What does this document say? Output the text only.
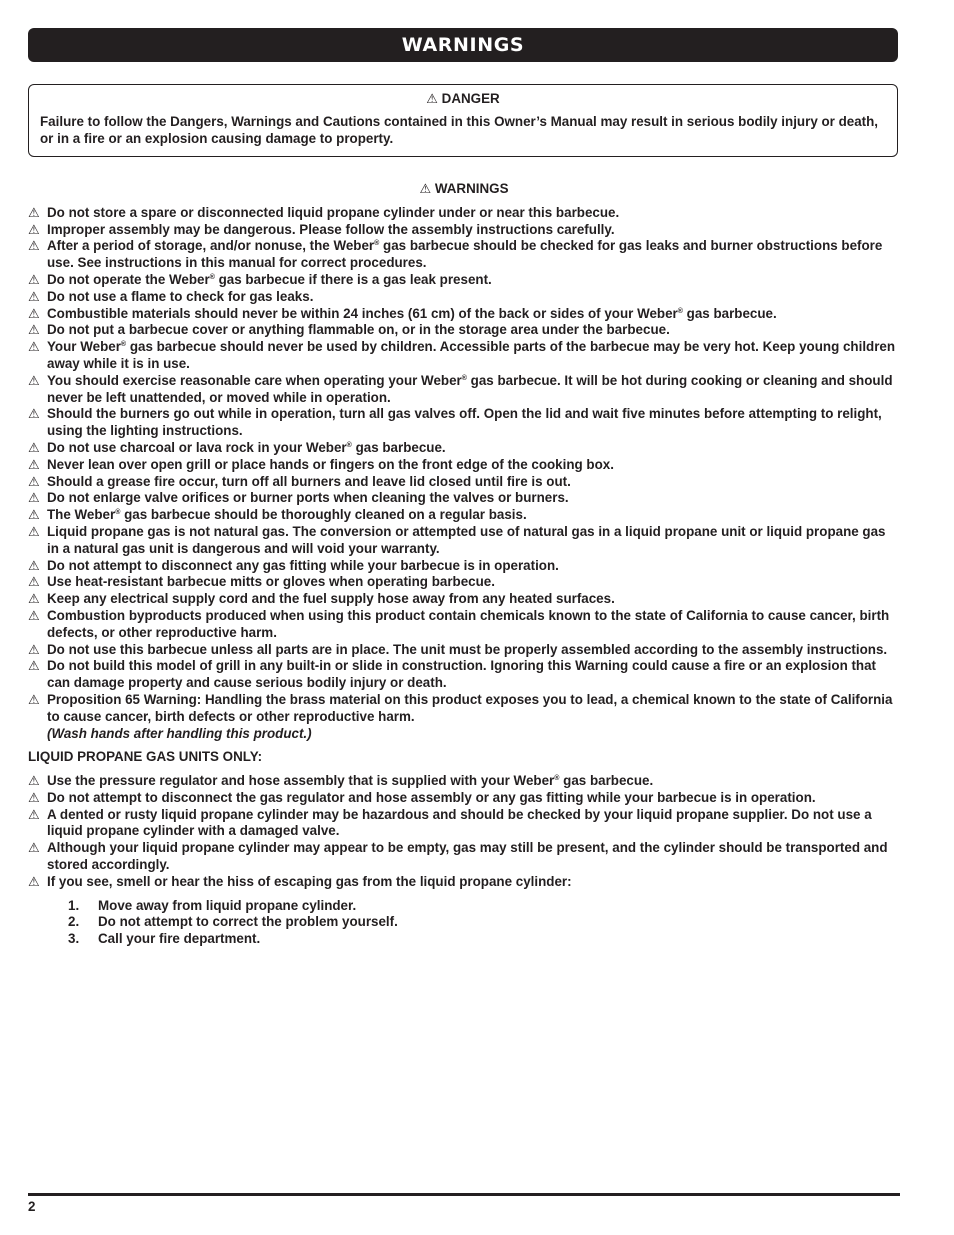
WARNINGS
⚠ DANGER
Failure to follow the Dangers, Warnings and Cautions contained in this Owner’s Manual may result in serious bodily injury or death, or in a fire or an explosion causing damage to property.
⚠ WARNINGS
⚠ Do not store a spare or disconnected liquid propane cylinder under or near this barbecue.
⚠ Improper assembly may be dangerous. Please follow the assembly instructions carefully.
⚠ After a period of storage, and/or nonuse, the Weber® gas barbecue should be checked for gas leaks and burner obstructions before use. See instructions in this manual for correct procedures.
⚠ Do not operate the Weber® gas barbecue if there is a gas leak present.
⚠ Do not use a flame to check for gas leaks.
⚠ Combustible materials should never be within 24 inches (61 cm) of the back or sides of your Weber® gas barbecue.
⚠ Do not put a barbecue cover or anything flammable on, or in the storage area under the barbecue.
⚠ Your Weber® gas barbecue should never be used by children. Accessible parts of the barbecue may be very hot. Keep young children away while it is in use.
⚠ You should exercise reasonable care when operating your Weber® gas barbecue. It will be hot during cooking or cleaning and should never be left unattended, or moved while in operation.
⚠ Should the burners go out while in operation, turn all gas valves off. Open the lid and wait five minutes before attempting to relight, using the lighting instructions.
⚠ Do not use charcoal or lava rock in your Weber® gas barbecue.
⚠ Never lean over open grill or place hands or fingers on the front edge of the cooking box.
⚠ Should a grease fire occur, turn off all burners and leave lid closed until fire is out.
⚠ Do not enlarge valve orifices or burner ports when cleaning the valves or burners.
⚠ The Weber® gas barbecue should be thoroughly cleaned on a regular basis.
⚠ Liquid propane gas is not natural gas. The conversion or attempted use of natural gas in a liquid propane unit or liquid propane gas in a natural gas unit is dangerous and will void your warranty.
⚠ Do not attempt to disconnect any gas fitting while your barbecue is in operation.
⚠ Use heat-resistant barbecue mitts or gloves when operating barbecue.
⚠ Keep any electrical supply cord and the fuel supply hose away from any heated surfaces.
⚠ Combustion byproducts produced when using this product contain chemicals known to the state of California to cause cancer, birth defects, or other reproductive harm.
⚠ Do not use this barbecue unless all parts are in place. The unit must be properly assembled according to the assembly instructions.
⚠ Do not build this model of grill in any built-in or slide in construction. Ignoring this Warning could cause a fire or an explosion that can damage property and cause serious bodily injury or death.
⚠ Proposition 65 Warning: Handling the brass material on this product exposes you to lead, a chemical known to the state of California to cause cancer, birth defects or other reproductive harm.
(Wash hands after handling this product.)
LIQUID PROPANE GAS UNITS ONLY:
⚠ Use the pressure regulator and hose assembly that is supplied with your Weber® gas barbecue.
⚠ Do not attempt to disconnect the gas regulator and hose assembly or any gas fitting while your barbecue is in operation.
⚠ A dented or rusty liquid propane cylinder may be hazardous and should be checked by your liquid propane supplier. Do not use a liquid propane cylinder with a damaged valve.
⚠ Although your liquid propane cylinder may appear to be empty, gas may still be present, and the cylinder should be transported and stored accordingly.
⚠ If you see, smell or hear the hiss of escaping gas from the liquid propane cylinder:
1. Move away from liquid propane cylinder.
2. Do not attempt to correct the problem yourself.
3. Call your fire department.
2
